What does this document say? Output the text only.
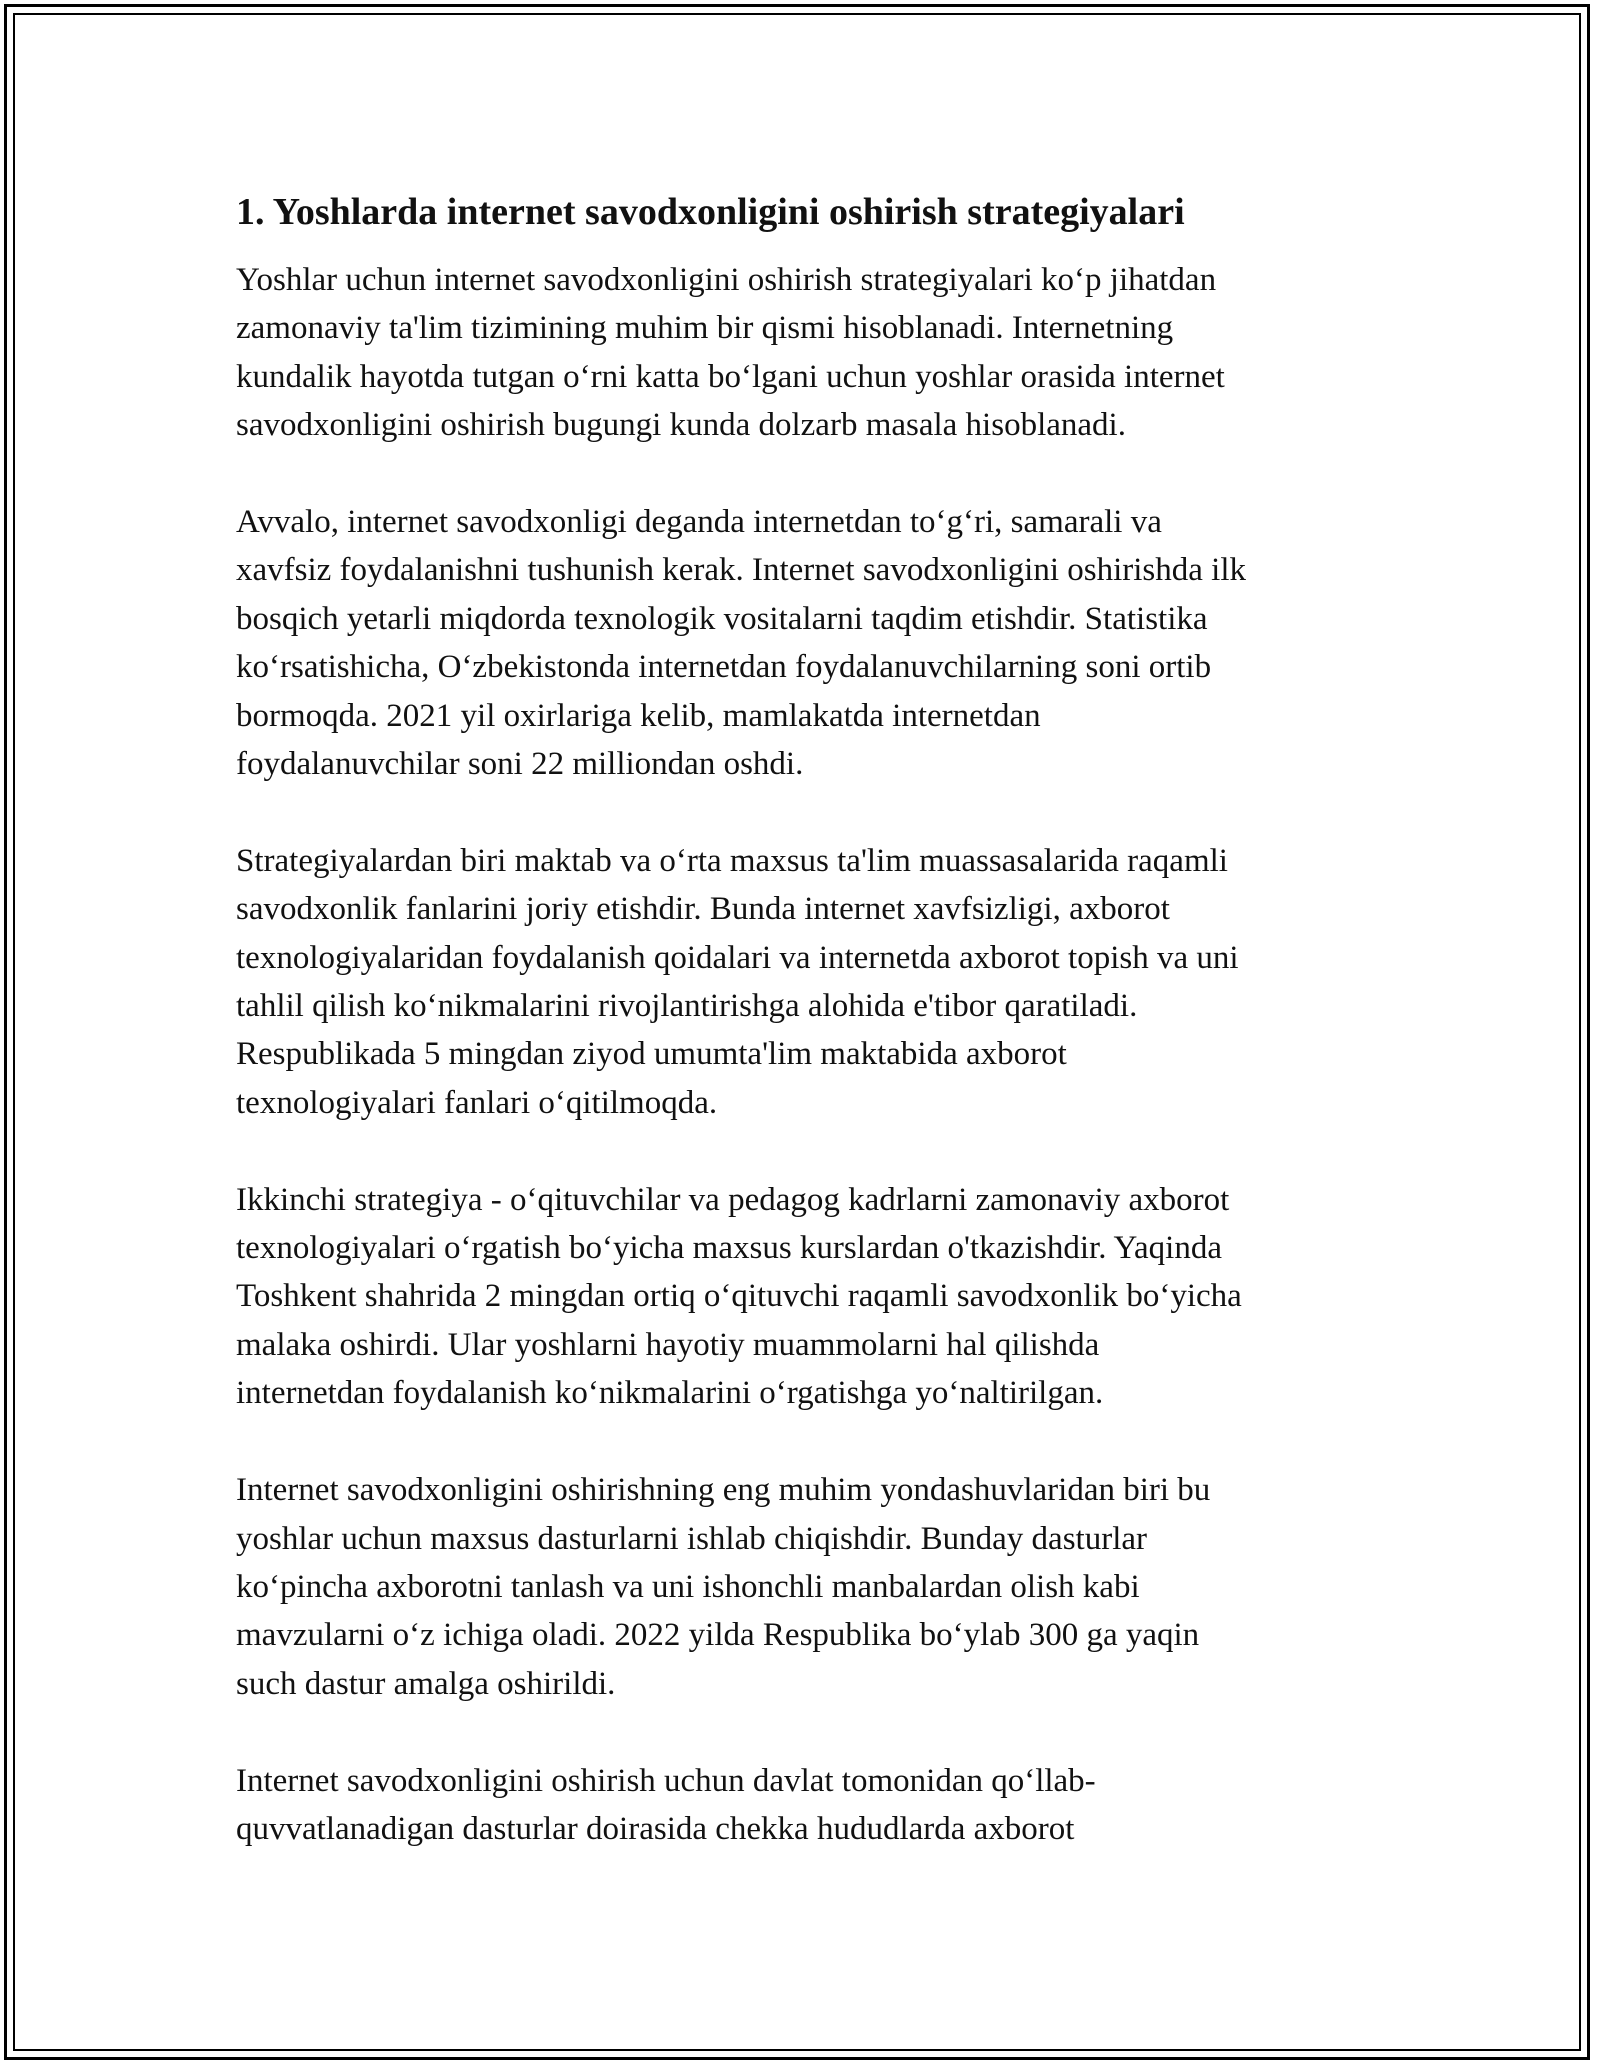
1. Yoshlarda internet savodxonligini oshirish strategiyalari

Yoshlar uchun internet savodxonligini oshirish strategiyalari ko‘p jihatdan
zamonaviy ta'lim tizimining muhim bir qismi hisoblanadi. Internetning
kundalik hayotda tutgan o‘rni katta bo‘lgani uchun yoshlar orasida internet
savodxonligini oshirish bugungi kunda dolzarb masala hisoblanadi.

Avvalo, internet savodxonligi deganda internetdan to‘g‘ri, samarali va
xavfsiz foydalanishni tushunish kerak. Internet savodxonligini oshirishda ilk
bosqich yetarli miqdorda texnologik vositalarni taqdim etishdir. Statistika
ko‘rsatishicha, O‘zbekistonda internetdan foydalanuvchilarning soni ortib
bormoqda. 2021 yil oxirlariga kelib, mamlakatda internetdan
foydalanuvchilar soni 22 milliondan oshdi.

Strategiyalardan biri maktab va o‘rta maxsus ta'lim muassasalarida raqamli
savodxonlik fanlarini joriy etishdir. Bunda internet xavfsizligi, axborot
texnologiyalaridan foydalanish qoidalari va internetda axborot topish va uni
tahlil qilish ko‘nikmalarini rivojlantirishga alohida e'tibor qaratiladi.
Respublikada 5 mingdan ziyod umumta'lim maktabida axborot
texnologiyalari fanlari o‘qitilmoqda.

Ikkinchi strategiya - o‘qituvchilar va pedagog kadrlarni zamonaviy axborot
texnologiyalari o‘rgatish bo‘yicha maxsus kurslardan o'tkazishdir. Yaqinda
Toshkent shahrida 2 mingdan ortiq o‘qituvchi raqamli savodxonlik bo‘yicha
malaka oshirdi. Ular yoshlarni hayotiy muammolarni hal qilishda
internetdan foydalanish ko‘nikmalarini o‘rgatishga yo‘naltirilgan.

Internet savodxonligini oshirishning eng muhim yondashuvlaridan biri bu
yoshlar uchun maxsus dasturlarni ishlab chiqishdir. Bunday dasturlar
ko‘pincha axborotni tanlash va uni ishonchli manbalardan olish kabi
mavzularni o‘z ichiga oladi. 2022 yilda Respublika bo‘ylab 300 ga yaqin
such dastur amalga oshirildi.

Internet savodxonligini oshirish uchun davlat tomonidan qo‘llab-
quvvatlanadigan dasturlar doirasida chekka hududlarda axborot
